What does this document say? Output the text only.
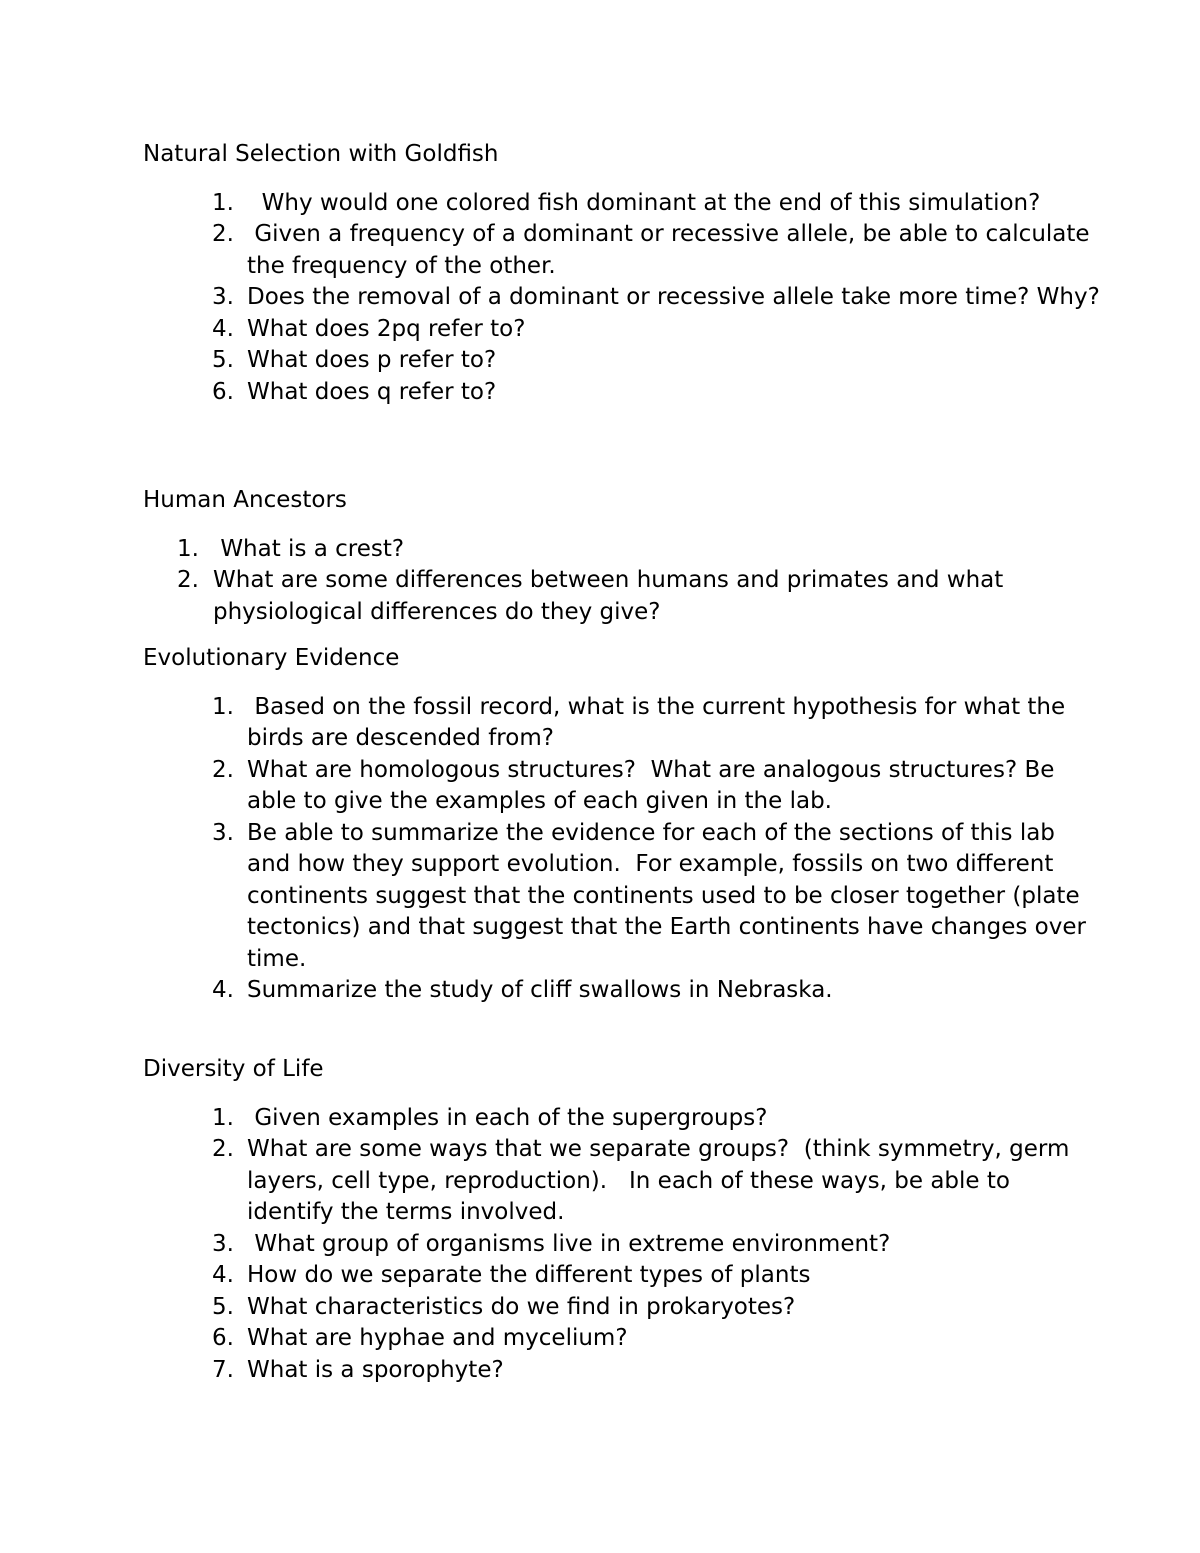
Natural Selection with Goldfish
1. Why would one colored fish dominant at the end of this simulation?
2. Given a frequency of a dominant or recessive allele, be able to calculate the frequency of the other.
3. Does the removal of a dominant or recessive allele take more time? Why?
4. What does 2pq refer to?
5. What does p refer to?
6. What does q refer to?
Human Ancestors
1. What is a crest?
2. What are some differences between humans and primates and what physiological differences do they give?
Evolutionary Evidence
1. Based on the fossil record, what is the current hypothesis for what the birds are descended from?
2. What are homologous structures?  What are analogous structures? Be able to give the examples of each given in the lab.
3. Be able to summarize the evidence for each of the sections of this lab and how they support evolution.  For example, fossils on two different continents suggest that the continents used to be closer together (plate tectonics) and that suggest that the Earth continents have changes over time.
4. Summarize the study of cliff swallows in Nebraska.
Diversity of Life
1. Given examples in each of the supergroups?
2. What are some ways that we separate groups?  (think symmetry, germ layers, cell type, reproduction).   In each of these ways, be able to identify the terms involved.
3. What group of organisms live in extreme environment?
4. How do we separate the different types of plants
5. What characteristics do we find in prokaryotes?
6. What are hyphae and mycelium?
7. What is a sporophyte?
